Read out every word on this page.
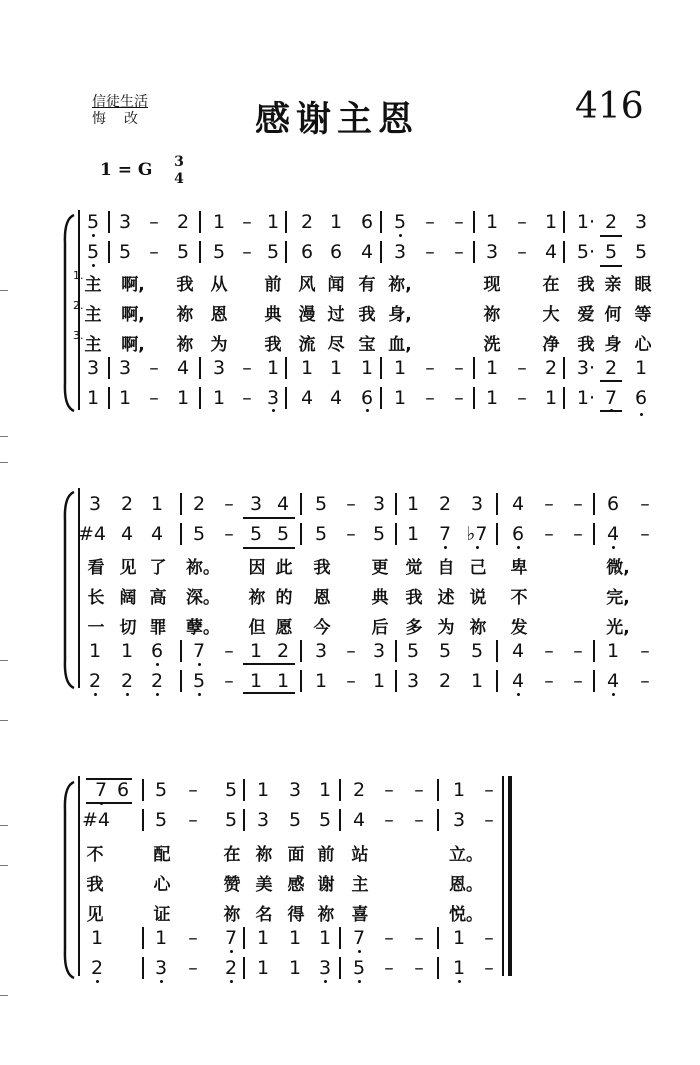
信徒生活
悔改	感谢主恩	416
1 = G 3
4
5 3 – 2 1 – 1 2 1 6 5 – – 1 – 1 1· 2 3
5 5 – 5 5 – 5 6 6 4 3 – – 3 – 4 5· 5 5
1. 主	啊,	我 从 前 风 闻 有 祢,	现 在 我 亲 眼
2. 主	啊,	祢 恩 典 漫 过 我 身,	祢 大 爱 何 等
3. 主	啊,	祢 为 我 流 尽 宝 血,	洗 净 我 身 心
3 3 – 4 3 – 1 1 1 1 1 – – 1 – 2 3· 2 1
1 1 – 1 1 – 3 4 4 6 1 – – 1 – 1 1· 7 6
3 2 1 2 – 3 4 5 – 3 1 2 3 4 – – 6 –
#4 4 4 5 – 5 5 5 – 5 1 7 ♭7 6 – – 4 –
看 见 了 祢。 因 此 我 更 觉 自 己 卑	微,
长 阔 高 深。 祢 的 恩 典 我 述 说 不	完,
一 切 罪 孽。 但 愿 今 后 多 为 祢 发	光,
1 1 6 7 – 1 2 3 – 3 5 5 5 4 – – 1 –
2 2 2 5 – 1 1 1 – 1 3 2 1 4 – – 4 –
7 6 5 – 5 1 3 1 2 – – 1 –
#4 5 – 5 3 5 5 4 – – 3 –
不	配	在 祢 面 前 站	立。
我	心	赞 美 感 谢 主	恩。
见	证	祢 名 得 祢 喜	悦。
1	1 – 7 1 1 1 7 – – 1 –
2	3 – 2 1 1 3 5 – – 1 –
